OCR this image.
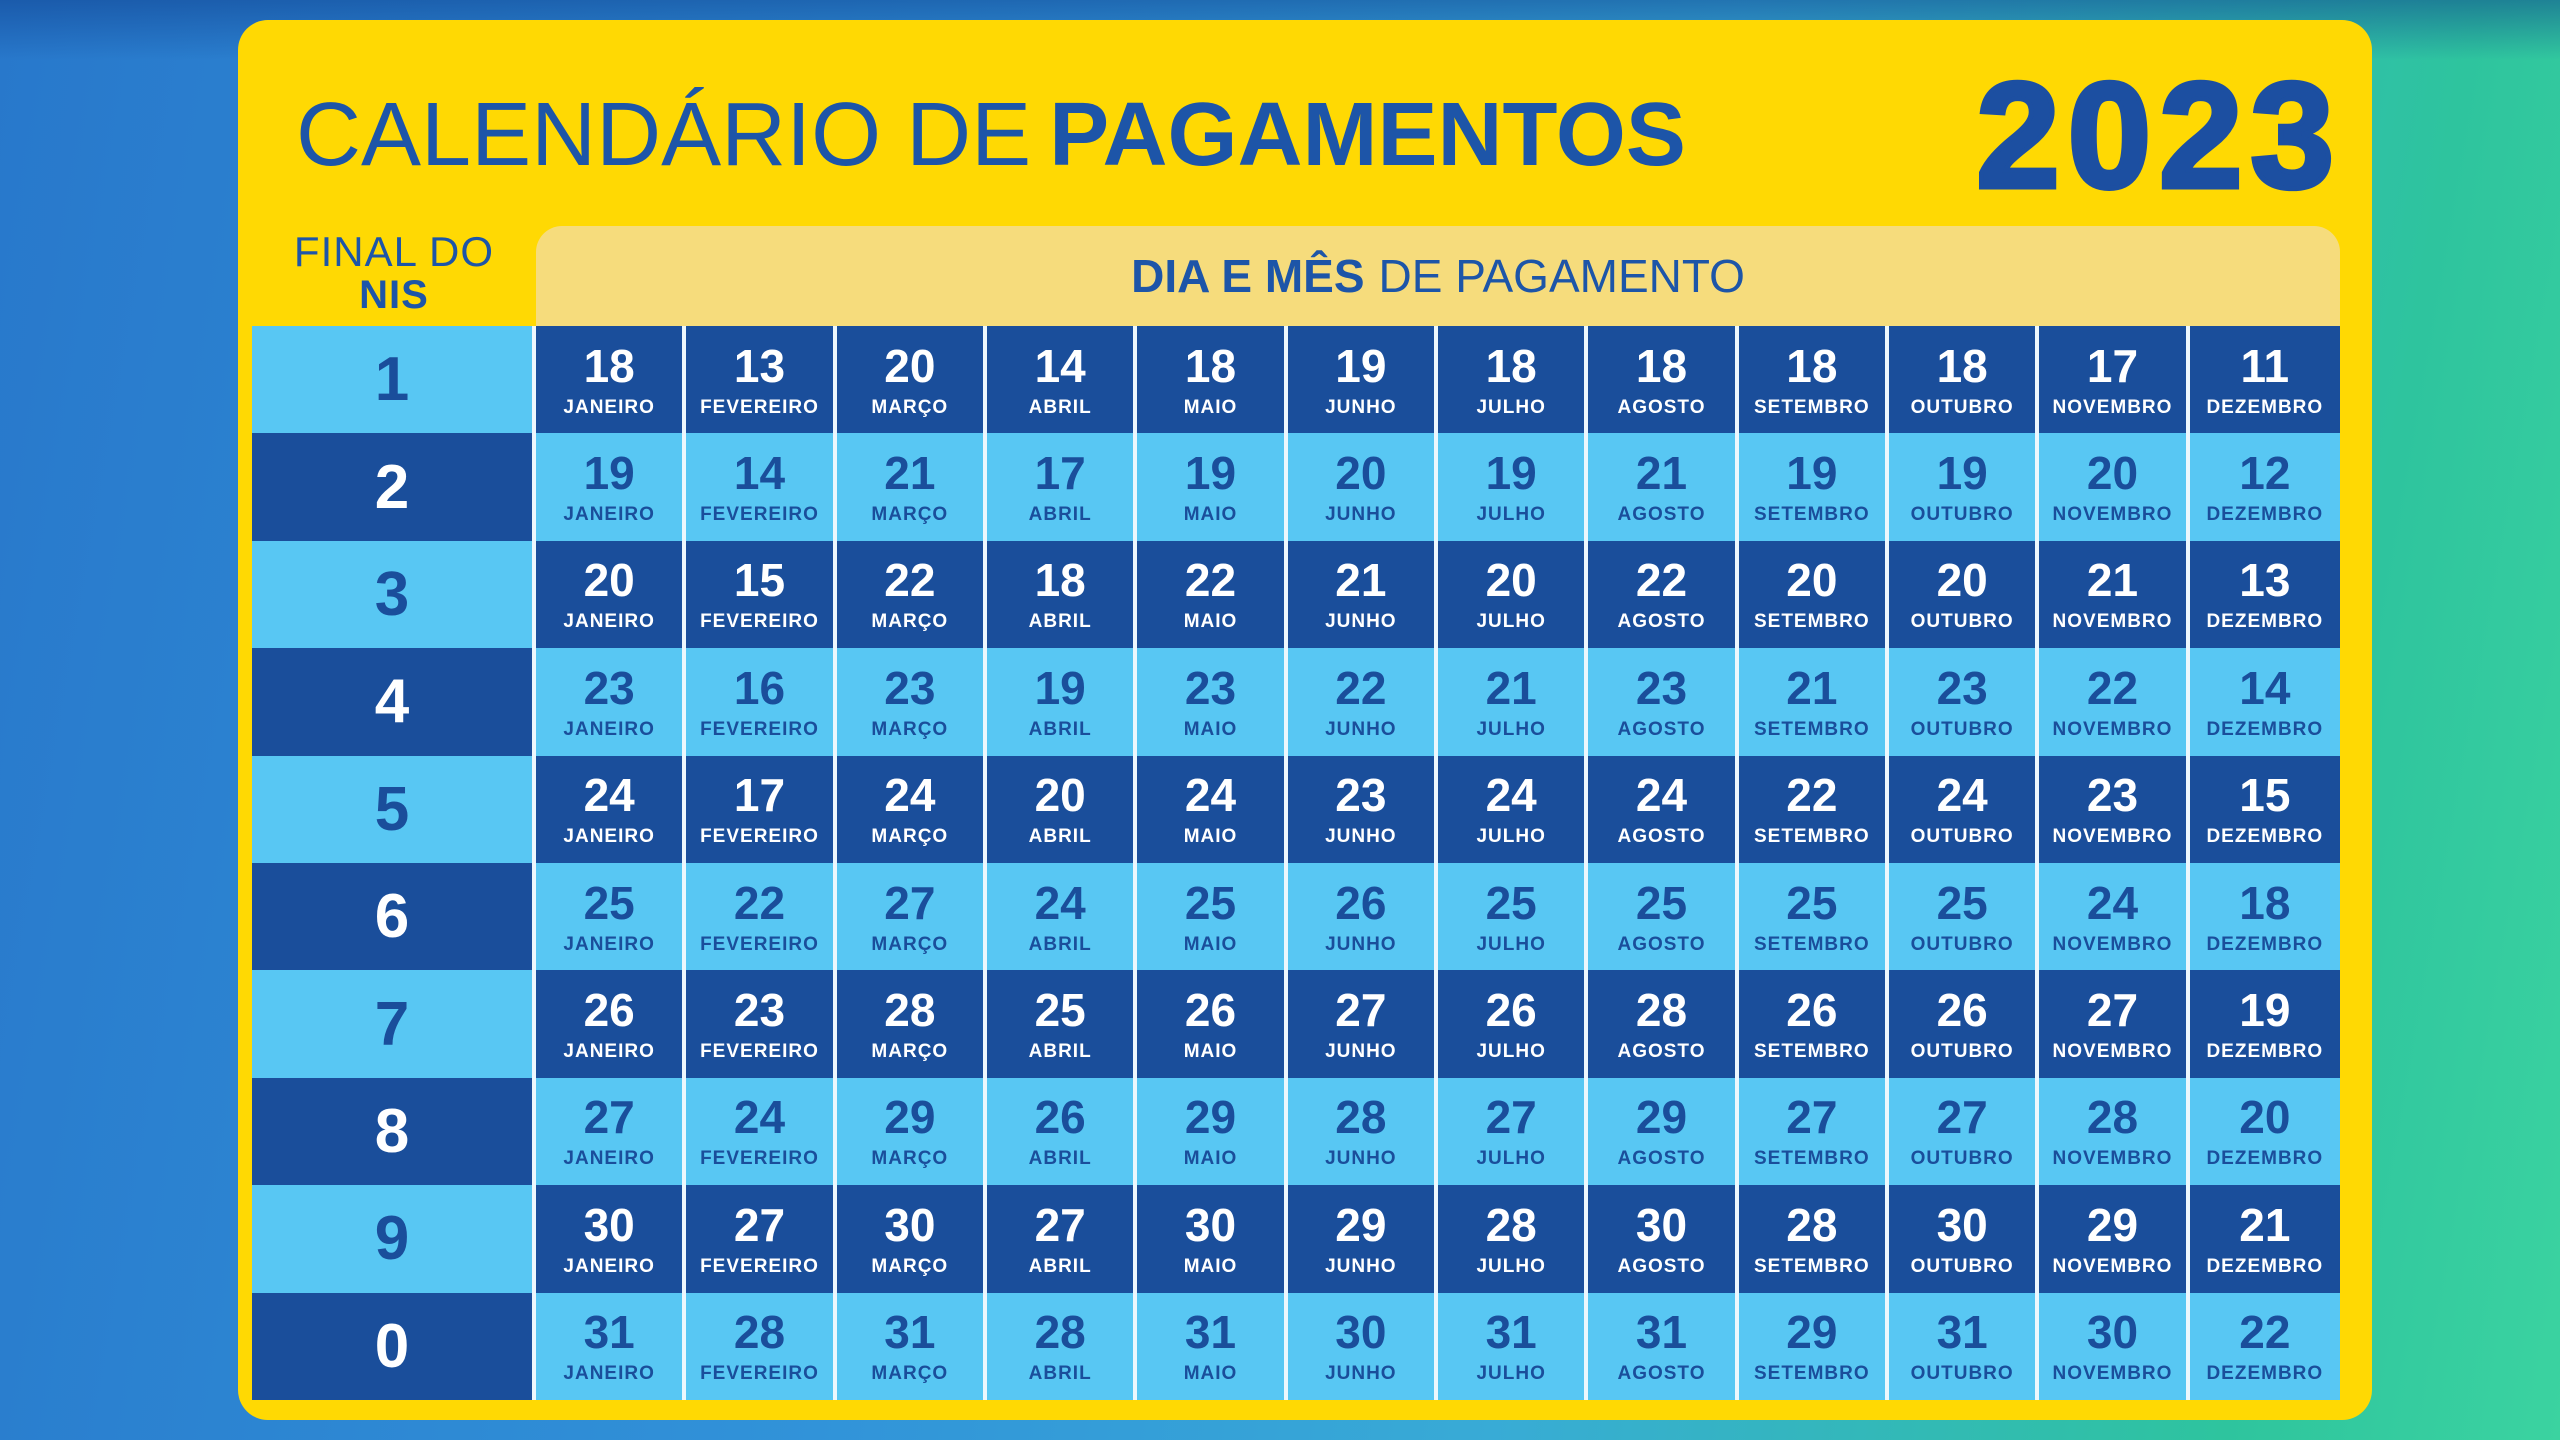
CALENDÁRIO DE PAGAMENTOS 2023
FINAL DO
NIS	DIA E MÊS DE PAGAMENTO
1	18
JANEIRO
13
FEVEREIRO
20
MARÇO
14
ABRIL
18
MAIO
19
JUNHO
18
JULHO
18
AGOSTO
18
SETEMBRO
18
OUTUBRO
17
NOVEMBRO
11
DEZEMBRO
2	19
JANEIRO
14
FEVEREIRO
21
MARÇO
17
ABRIL
19
MAIO
20
JUNHO
19
JULHO
21
AGOSTO
19
SETEMBRO
19
OUTUBRO
20
NOVEMBRO
12
DEZEMBRO
3	20
JANEIRO
15
FEVEREIRO
22
MARÇO
18
ABRIL
22
MAIO
21
JUNHO
20
JULHO
22
AGOSTO
20
SETEMBRO
20
OUTUBRO
21
NOVEMBRO
13
DEZEMBRO
4	23
JANEIRO
16
FEVEREIRO
23
MARÇO
19
ABRIL
23
MAIO
22
JUNHO
21
JULHO
23
AGOSTO
21
SETEMBRO
23
OUTUBRO
22
NOVEMBRO
14
DEZEMBRO
5	24
JANEIRO
17
FEVEREIRO
24
MARÇO
20
ABRIL
24
MAIO
23
JUNHO
24
JULHO
24
AGOSTO
22
SETEMBRO
24
OUTUBRO
23
NOVEMBRO
15
DEZEMBRO
6	25
JANEIRO
22
FEVEREIRO
27
MARÇO
24
ABRIL
25
MAIO
26
JUNHO
25
JULHO
25
AGOSTO
25
SETEMBRO
25
OUTUBRO
24
NOVEMBRO
18
DEZEMBRO
7	26
JANEIRO
23
FEVEREIRO
28
MARÇO
25
ABRIL
26
MAIO
27
JUNHO
26
JULHO
28
AGOSTO
26
SETEMBRO
26
OUTUBRO
27
NOVEMBRO
19
DEZEMBRO
8	27
JANEIRO
24
FEVEREIRO
29
MARÇO
26
ABRIL
29
MAIO
28
JUNHO
27
JULHO
29
AGOSTO
27
SETEMBRO
27
OUTUBRO
28
NOVEMBRO
20
DEZEMBRO
9	30
JANEIRO
27
FEVEREIRO
30
MARÇO
27
ABRIL
30
MAIO
29
JUNHO
28
JULHO
30
AGOSTO
28
SETEMBRO
30
OUTUBRO
29
NOVEMBRO
21
DEZEMBRO
0	31
JANEIRO
28
FEVEREIRO
31
MARÇO
28
ABRIL
31
MAIO
30
JUNHO
31
JULHO
31
AGOSTO
29
SETEMBRO
31
OUTUBRO
30
NOVEMBRO
22
DEZEMBRO
